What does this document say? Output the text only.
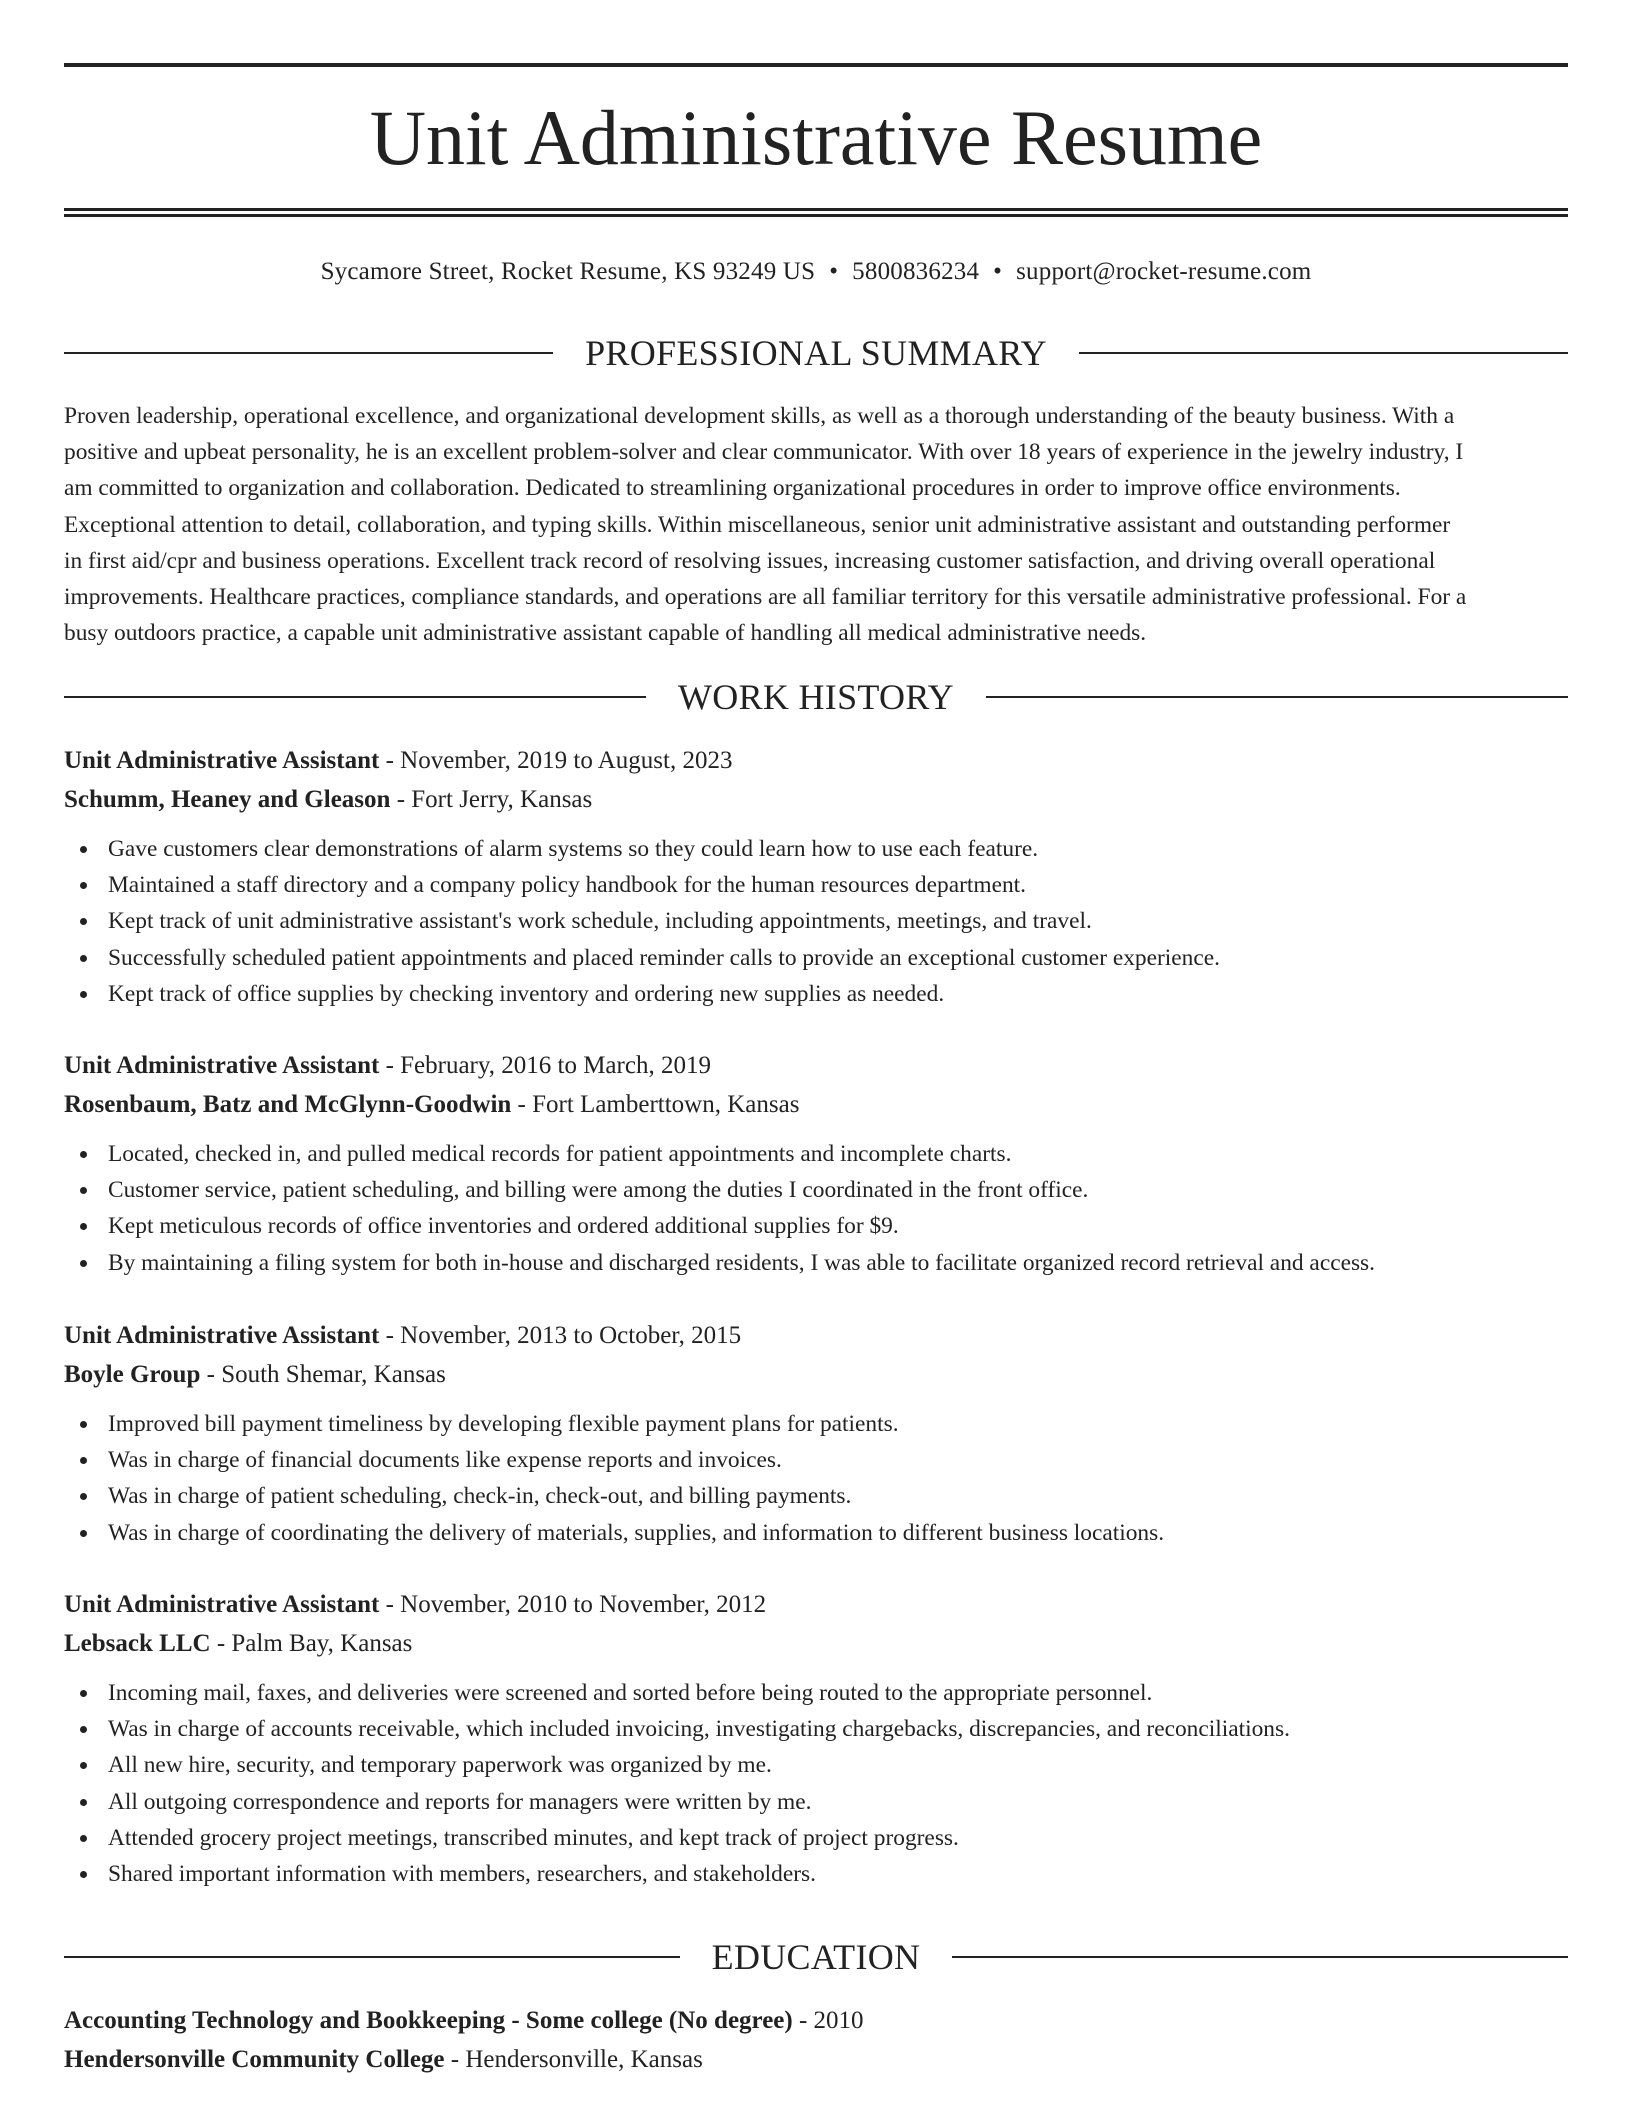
Unit Administrative Resume
Sycamore Street, Rocket Resume, KS 93249 US • 5800836234 • support@rocket-resume.com
PROFESSIONAL SUMMARY
Proven leadership, operational excellence, and organizational development skills, as well as a thorough understanding of the beauty business. With a
positive and upbeat personality, he is an excellent problem-solver and clear communicator. With over 18 years of experience in the jewelry industry, I
am committed to organization and collaboration. Dedicated to streamlining organizational procedures in order to improve office environments.
Exceptional attention to detail, collaboration, and typing skills. Within miscellaneous, senior unit administrative assistant and outstanding performer
in first aid/cpr and business operations. Excellent track record of resolving issues, increasing customer satisfaction, and driving overall operational
improvements. Healthcare practices, compliance standards, and operations are all familiar territory for this versatile administrative professional. For a
busy outdoors practice, a capable unit administrative assistant capable of handling all medical administrative needs.
WORK HISTORY
Unit Administrative Assistant - November, 2019 to August, 2023
Schumm, Heaney and Gleason - Fort Jerry, Kansas
Gave customers clear demonstrations of alarm systems so they could learn how to use each feature.
Maintained a staff directory and a company policy handbook for the human resources department.
Kept track of unit administrative assistant's work schedule, including appointments, meetings, and travel.
Successfully scheduled patient appointments and placed reminder calls to provide an exceptional customer experience.
Kept track of office supplies by checking inventory and ordering new supplies as needed.
Unit Administrative Assistant - February, 2016 to March, 2019
Rosenbaum, Batz and McGlynn-Goodwin - Fort Lamberttown, Kansas
Located, checked in, and pulled medical records for patient appointments and incomplete charts.
Customer service, patient scheduling, and billing were among the duties I coordinated in the front office.
Kept meticulous records of office inventories and ordered additional supplies for $9.
By maintaining a filing system for both in-house and discharged residents, I was able to facilitate organized record retrieval and access.
Unit Administrative Assistant - November, 2013 to October, 2015
Boyle Group - South Shemar, Kansas
Improved bill payment timeliness by developing flexible payment plans for patients.
Was in charge of financial documents like expense reports and invoices.
Was in charge of patient scheduling, check-in, check-out, and billing payments.
Was in charge of coordinating the delivery of materials, supplies, and information to different business locations.
Unit Administrative Assistant - November, 2010 to November, 2012
Lebsack LLC - Palm Bay, Kansas
Incoming mail, faxes, and deliveries were screened and sorted before being routed to the appropriate personnel.
Was in charge of accounts receivable, which included invoicing, investigating chargebacks, discrepancies, and reconciliations.
All new hire, security, and temporary paperwork was organized by me.
All outgoing correspondence and reports for managers were written by me.
Attended grocery project meetings, transcribed minutes, and kept track of project progress.
Shared important information with members, researchers, and stakeholders.
EDUCATION
Accounting Technology and Bookkeeping - Some college (No degree) - 2010
Hendersonville Community College - Hendersonville, Kansas
